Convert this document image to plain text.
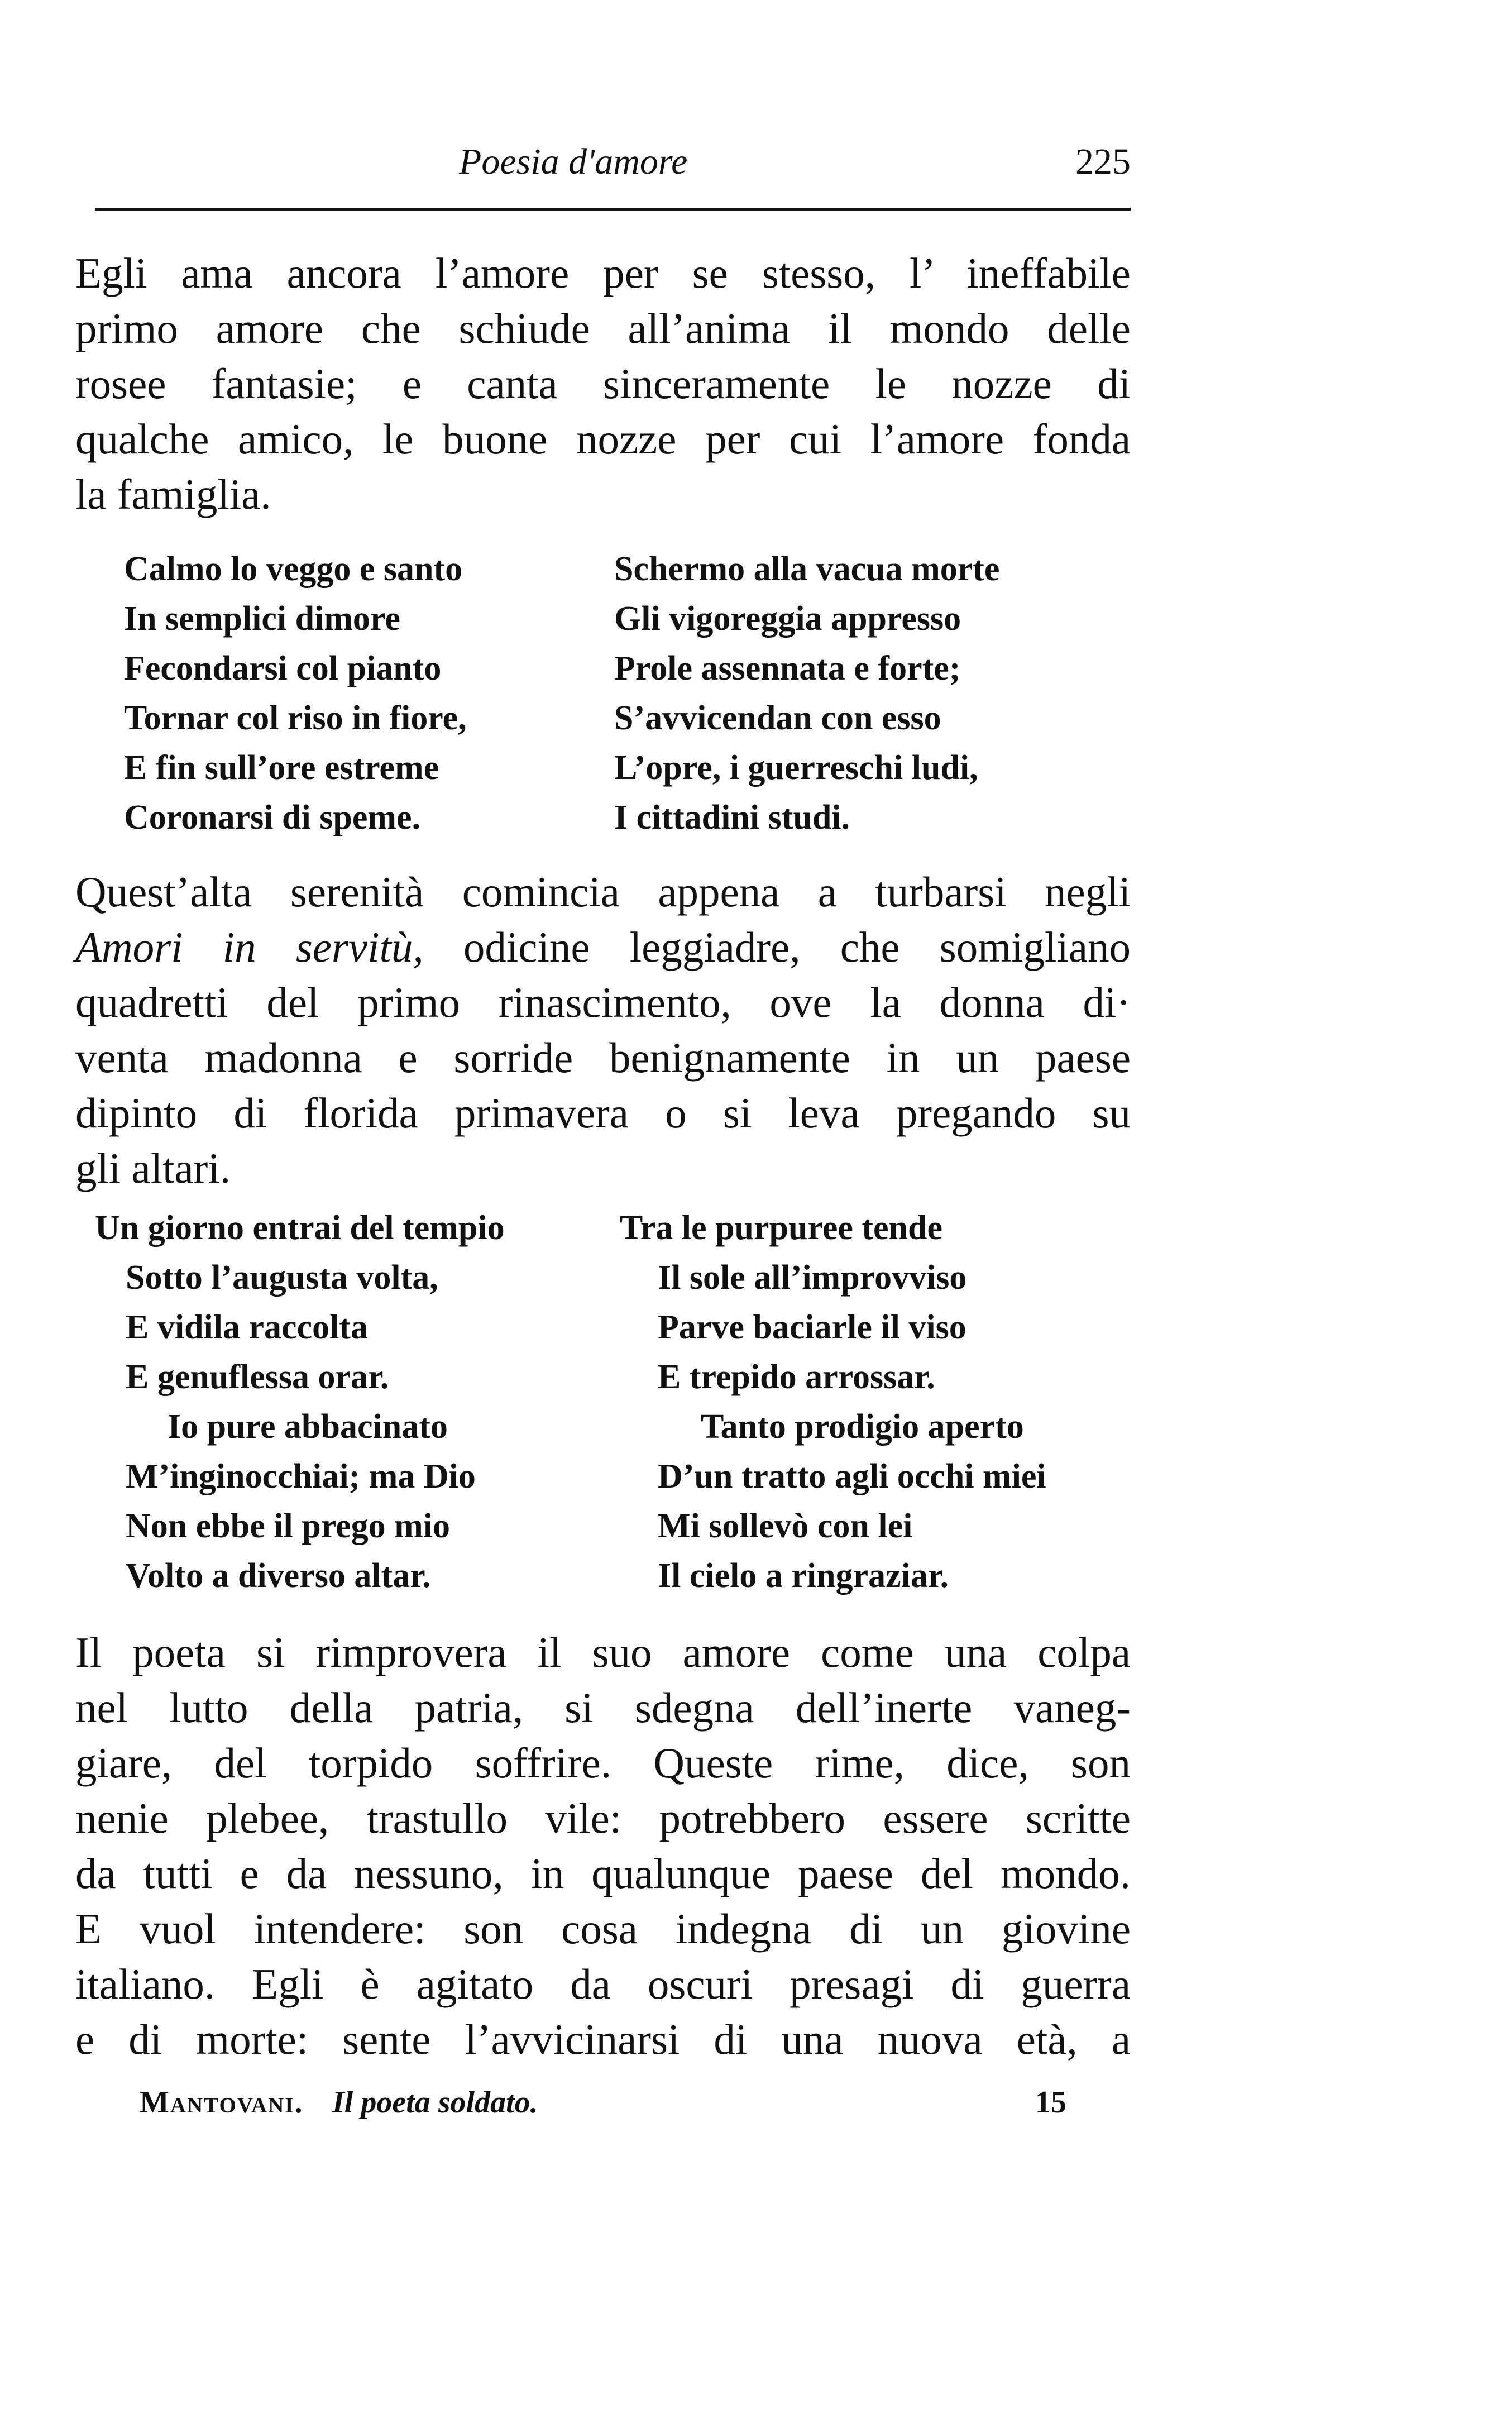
Poesia d'amore	225

Egli ama ancora l’amore per se stesso, l’ ineffabile
primo amore che schiude all’anima il mondo delle
rosee fantasie; e canta sinceramente le nozze di
qualche amico, le buone nozze per cui l’amore fonda
la famiglia.

Calmo lo veggo e santo
In semplici dimore
Fecondarsi col pianto
Tornar col riso in fiore,
E fin sull’ore estreme
Coronarsi di speme.
Schermo alla vacua morte
Gli vigoreggia appresso
Prole assennata e forte;
S’avvicendan con esso
L’opre, i guerreschi ludi,
I cittadini studi.

Quest’alta serenità comincia appena a turbarsi negli
Amori in servitù, odicine leggiadre, che somigliano
quadretti del primo rinascimento, ove la donna di·
venta madonna e sorride benignamente in un paese
dipinto di florida primavera o si leva pregando su
gli altari.

Un giorno entrai del tempio
Sotto l’augusta volta,
E vidila raccolta
E genuflessa orar.
Io pure abbacinato
M’inginocchiai; ma Dio
Non ebbe il prego mio
Volto a diverso altar.
Tra le purpuree tende
Il sole all’improvviso
Parve baciarle il viso
E trepido arrossar.
Tanto prodigio aperto
D’un tratto agli occhi miei
Mi sollevò con lei
Il cielo a ringraziar.

Il poeta si rimprovera il suo amore come una colpa
nel lutto della patria, si sdegna dell’inerte vaneg-
giare, del torpido soffrire. Queste rime, dice, son
nenie plebee, trastullo vile: potrebbero essere scritte
da tutti e da nessuno, in qualunque paese del mondo.
E vuol intendere: son cosa indegna di un giovine
italiano. Egli è agitato da oscuri presagi di guerra
e di morte: sente l’avvicinarsi di una nuova età, a

Mantovani. Il poeta soldato.	15
